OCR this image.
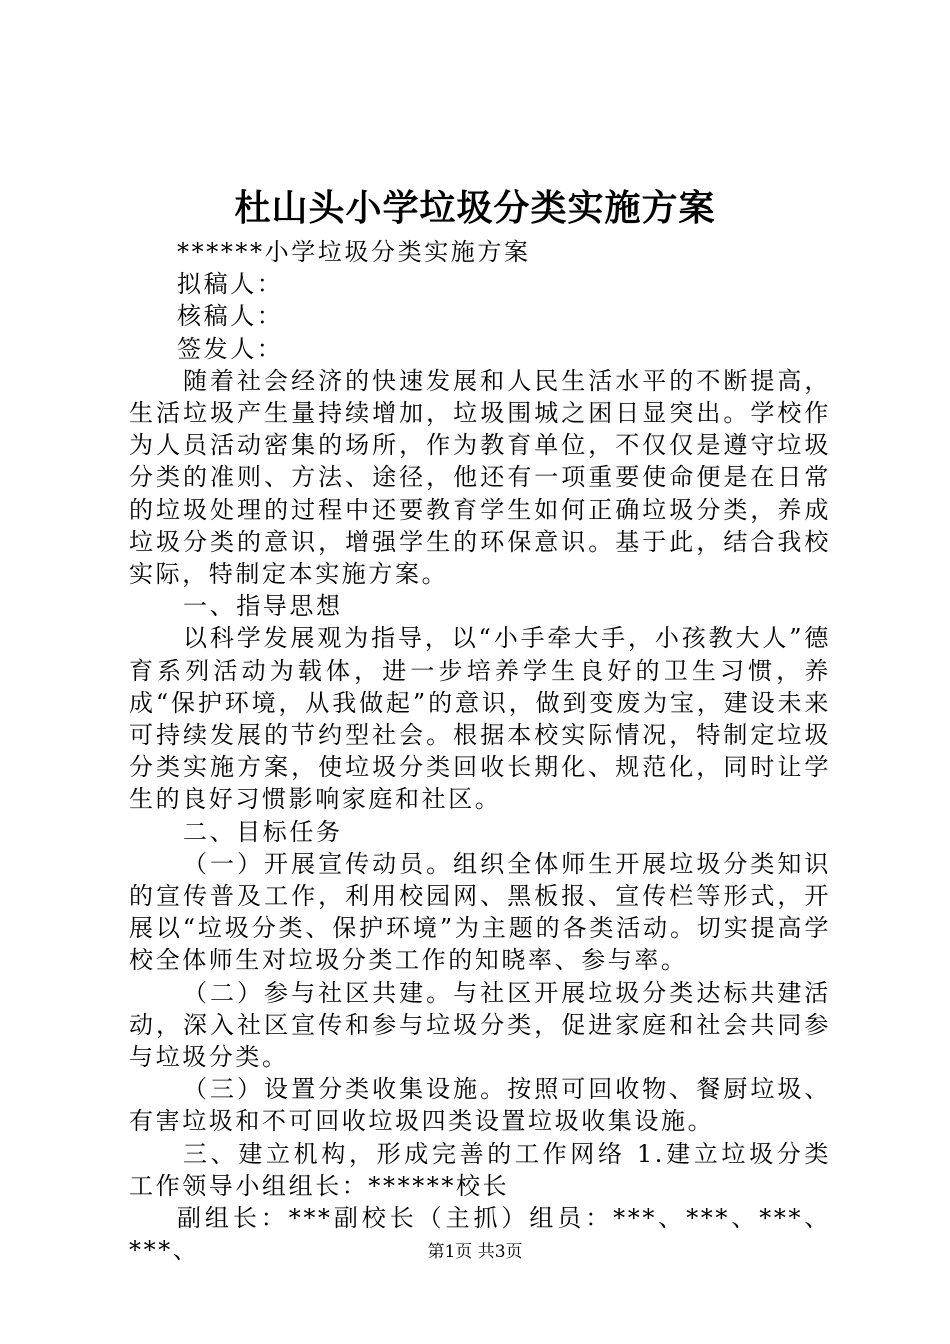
杜山头小学垃圾分类实施方案

******小学垃圾分类实施方案

拟稿人：

核稿人：

签发人：

随着社会经济的快速发展和人民生活水平的不断提高，生活垃圾产生量持续增加，垃圾围城之困日显突出。学校作为人员活动密集的场所，作为教育单位，不仅仅是遵守垃圾分类的准则、方法、途径，他还有一项重要使命便是在日常的垃圾处理的过程中还要教育学生如何正确垃圾分类，养成垃圾分类的意识，增强学生的环保意识。基于此，结合我校实际，特制定本实施方案。

一、指导思想

以科学发展观为指导，以“小手牵大手，小孩教大人”德育系列活动为载体，进一步培养学生良好的卫生习惯，养成“保护环境，从我做起”的意识，做到变废为宝，建设未来可持续发展的节约型社会。根据本校实际情况，特制定垃圾分类实施方案，使垃圾分类回收长期化、规范化，同时让学生的良好习惯影响家庭和社区。

二、目标任务

（一）开展宣传动员。组织全体师生开展垃圾分类知识的宣传普及工作，利用校园网、黑板报、宣传栏等形式，开展以“垃圾分类、保护环境”为主题的各类活动。切实提高学校全体师生对垃圾分类工作的知晓率、参与率。

（二）参与社区共建。与社区开展垃圾分类达标共建活动，深入社区宣传和参与垃圾分类，促进家庭和社会共同参与垃圾分类。

（三）设置分类收集设施。按照可回收物、餐厨垃圾、有害垃圾和不可回收垃圾四类设置垃圾收集设施。

三、建立机构，形成完善的工作网络 1.建立垃圾分类工作领导小组组长：******校长

副组长：***副校长（主抓）组员：***、***、***、***、	第1页 共3页
